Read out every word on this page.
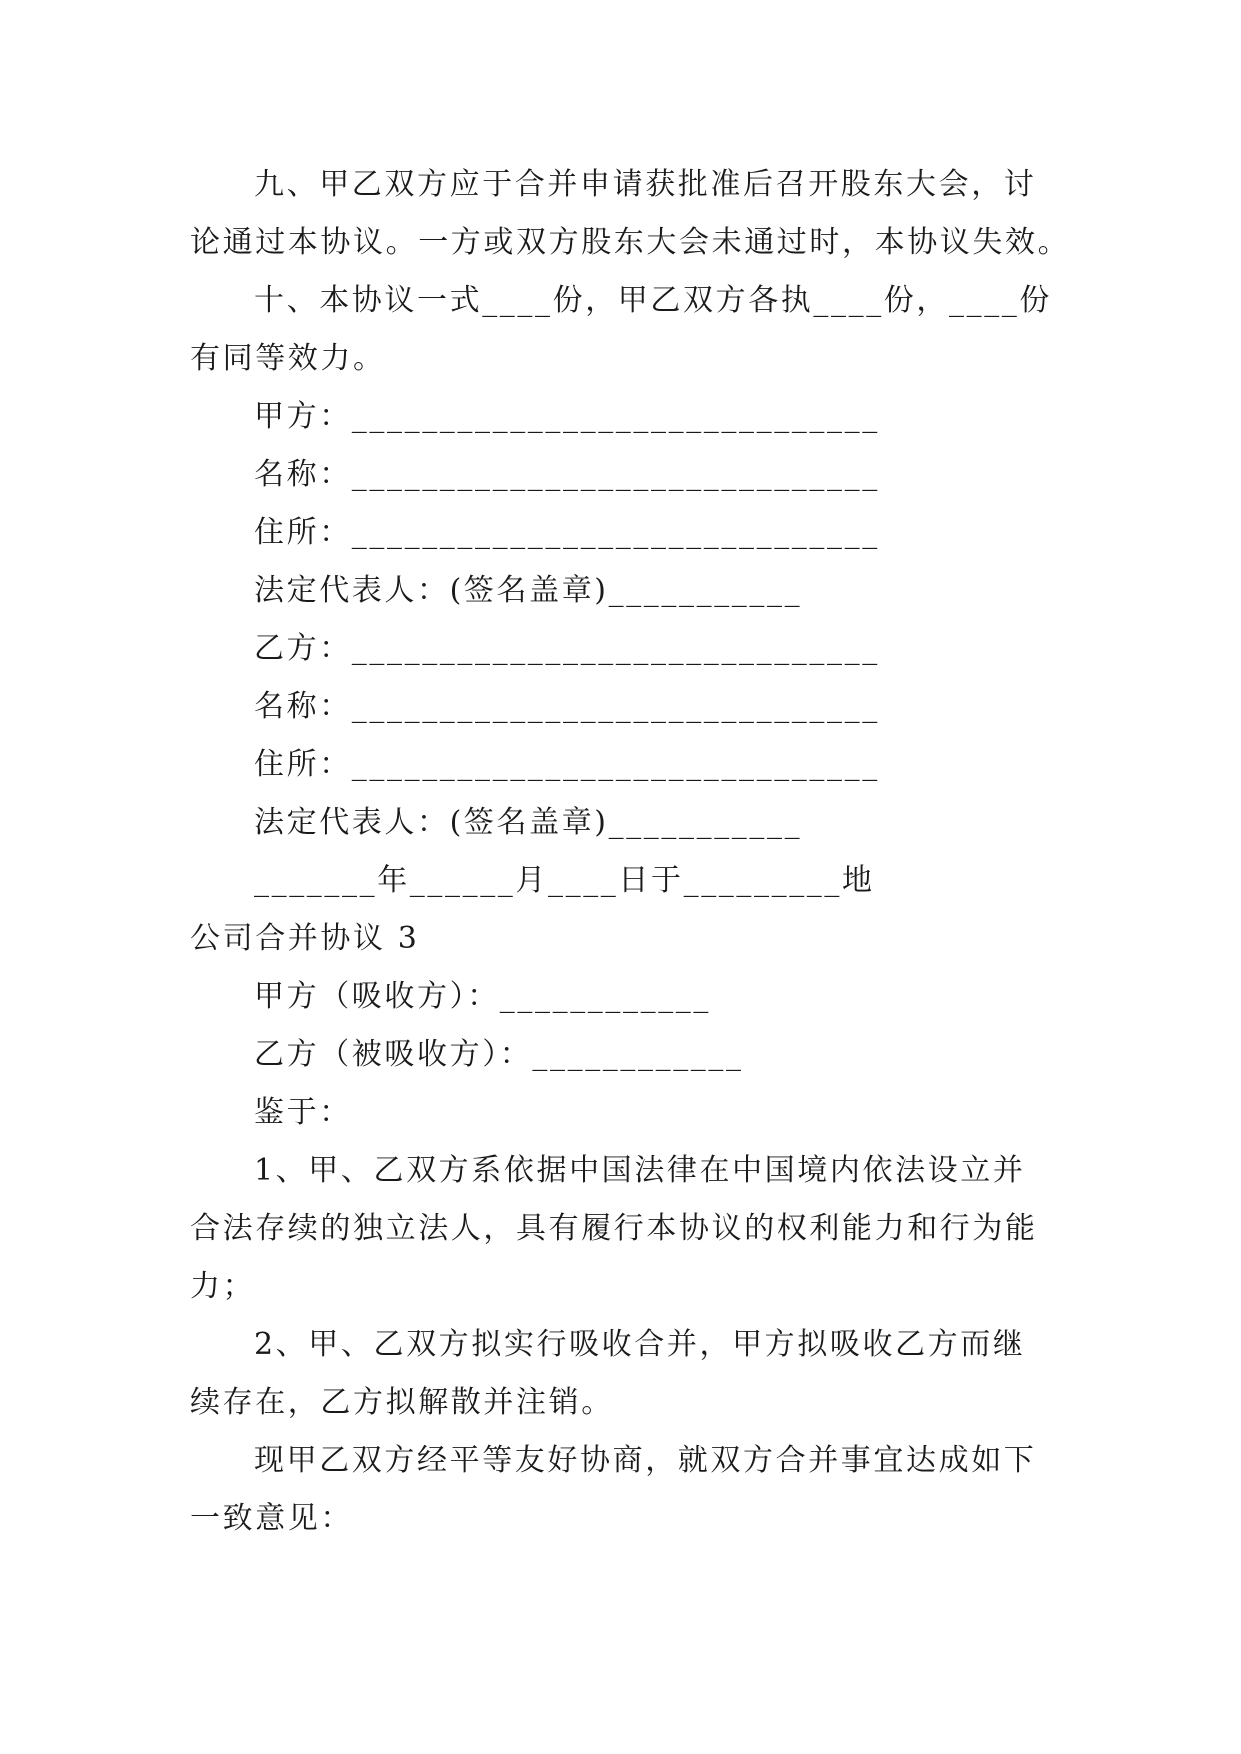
九、甲乙双方应于合并申请获批准后召开股东大会，讨
论通过本协议。一方或双方股东大会未通过时，本协议失效。
十、本协议一式____份，甲乙双方各执____份，____份
有同等效力。
甲方：______________________________
名称：______________________________
住所：______________________________
法定代表人：(签名盖章)___________
乙方：______________________________
名称：______________________________
住所：______________________________
法定代表人：(签名盖章)___________
_______年______月____日于_________地
公司合并协议 3
甲方（吸收方）：____________
乙方（被吸收方）：____________
鉴于：
1、甲、乙双方系依据中国法律在中国境内依法设立并
合法存续的独立法人，具有履行本协议的权利能力和行为能
力；
2、甲、乙双方拟实行吸收合并，甲方拟吸收乙方而继
续存在，乙方拟解散并注销。
现甲乙双方经平等友好协商，就双方合并事宜达成如下
一致意见：
